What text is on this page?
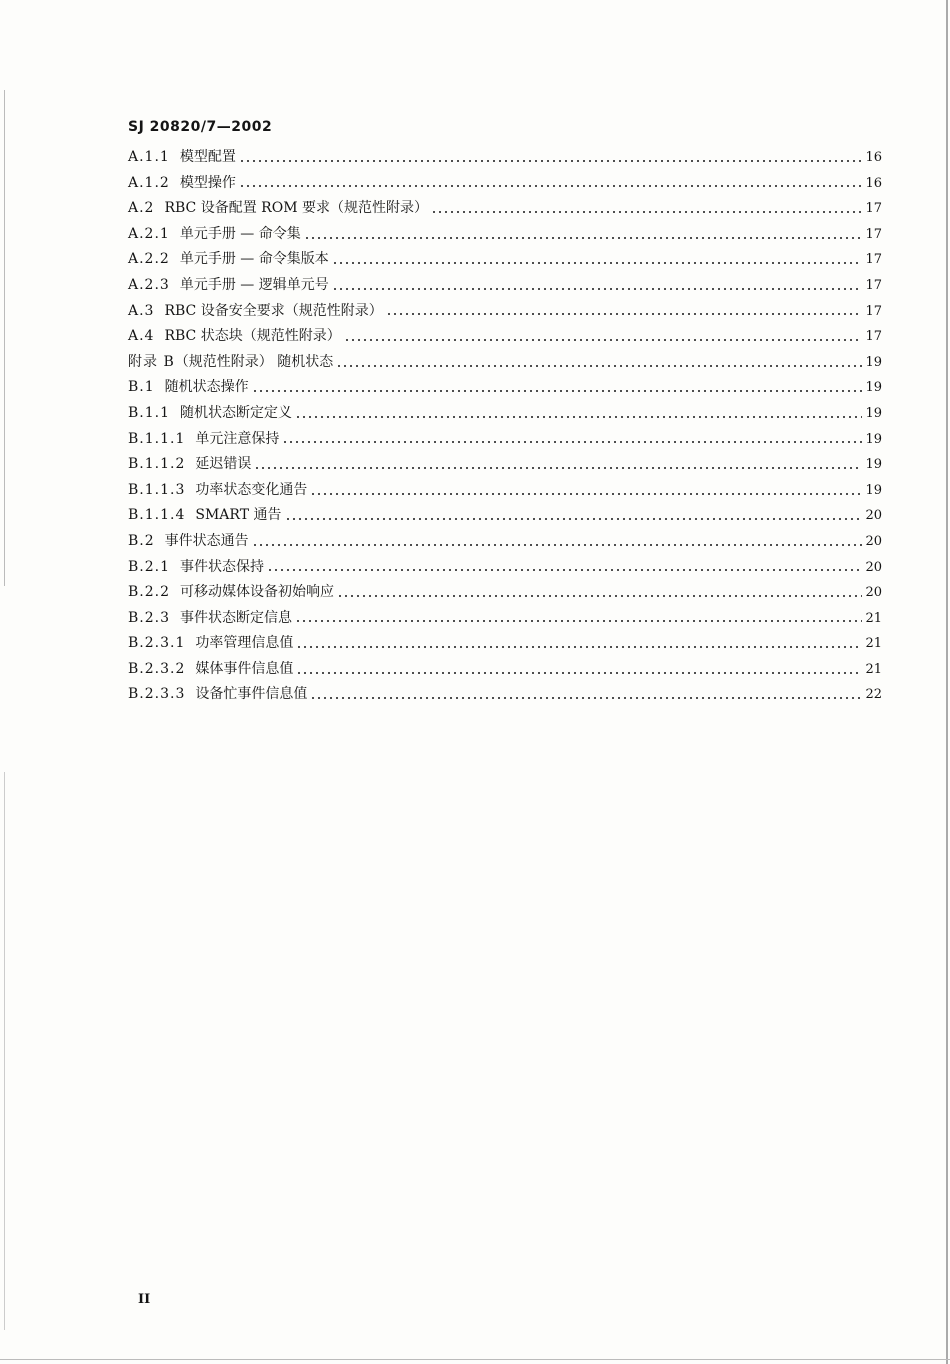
SJ 20820/7—2002
A.1.1 模型配置	16
A.1.2 模型操作	16
A.2 RBC 设备配置 ROM 要求（规范性附录）	17
A.2.1 单元手册 — 命令集	17
A.2.2 单元手册 — 命令集版本	17
A.2.3 单元手册 — 逻辑单元号	17
A.3 RBC 设备安全要求（规范性附录）	17
A.4 RBC 状态块（规范性附录）	17
附录 B （规范性附录） 随机状态	19
B.1 随机状态操作	19
B.1.1 随机状态断定定义	19
B.1.1.1 单元注意保持	19
B.1.1.2 延迟错误	19
B.1.1.3 功率状态变化通告	19
B.1.1.4 SMART 通告	20
B.2 事件状态通告	20
B.2.1 事件状态保持	20
B.2.2 可移动媒体设备初始响应	20
B.2.3 事件状态断定信息	21
B.2.3.1 功率管理信息值	21
B.2.3.2 媒体事件信息值	21
B.2.3.3 设备忙事件信息值	22
II
